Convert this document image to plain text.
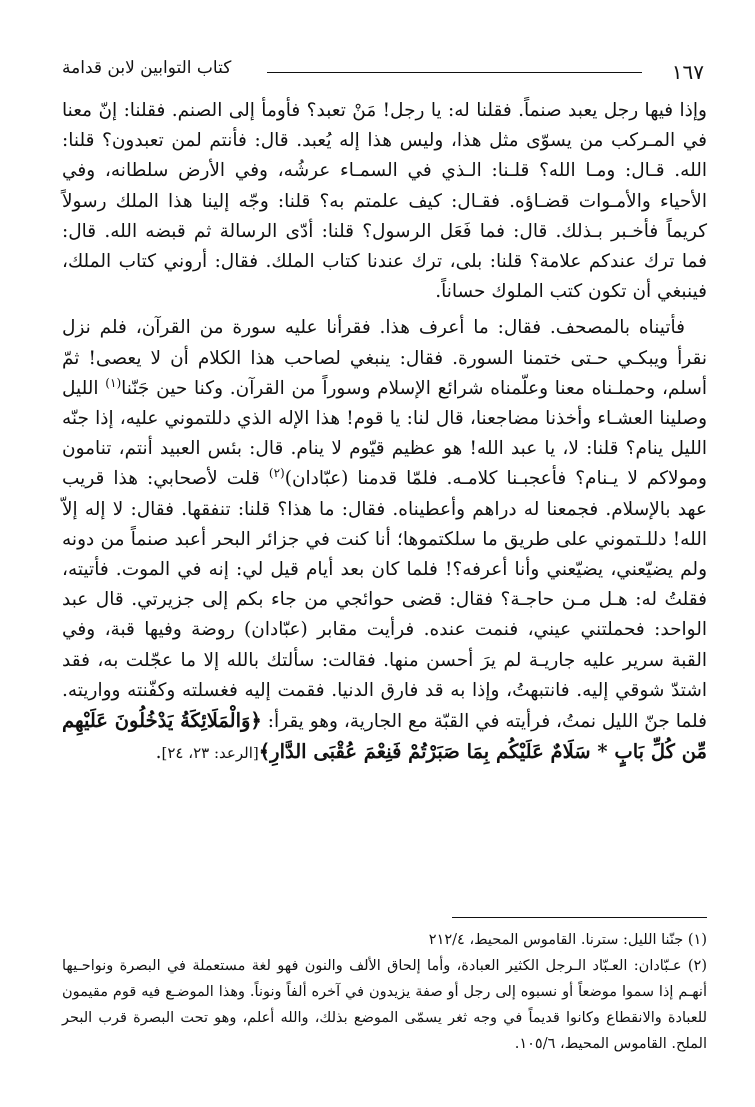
١٦٧
كتاب التوابين لابن قدامة

وإذا فيها رجل يعبد صنماً. فقلنا له: يا رجل! مَنْ تعبد؟ فأومأ إلى الصنم. فقلنا: إنّ معنا في المـركب من يسوّى مثل هذا، وليس هذا إله يُعبد. قال: فأنتم لمن تعبدون؟ قلنا: الله. قـال: ومـا الله؟ قلـنا: الـذي في السمـاء عرشُه، وفي الأرض سلطانه، وفي الأحياء والأمـوات قضـاؤه. فقـال: كيف علمتم به؟ قلنا: وجّه إلينا هذا الملك رسولاً كريماً فأخـبر بـذلك. قال: فما فَعَل الرسول؟ قلنا: أدّى الرسالة ثم قبضه الله. قال: فما ترك عندكم علامة؟ قلنا: بلى، ترك عندنا كتاب الملك. فقال: أروني كتاب الملك، فينبغي أن تكون كتب الملوك حساناً.

فأتيناه بالمصحف. فقال: ما أعرف هذا. فقرأنا عليه سورة من القرآن، فلم نزل نقرأ ويبكـي حـتى ختمنا السورة. فقال: ينبغي لصاحب هذا الكلام أن لا يعصى! ثمّ أسلم، وحملـناه معنا وعلّمناه شرائع الإسلام وسوراً من القرآن. وكنا حين جَنّنا$^{(١)}$ الليل وصلينا العشـاء وأخذنا مضاجعنا، قال لنا: يا قوم! هذا الإله الذي دللتموني عليه، إذا جنّه الليل ينام؟ قلنا: لا، يا عبد الله! هو عظيم قيّوم لا ينام. قال: بئس العبيد أنتم، تنامون ومولاكم لا يـنام؟ فأعجبـنا كلامـه. فلمّا قدمنا (عبّادان)$^{(٢)}$ قلت لأصحابي: هذا قريب عهد بالإسلام. فجمعنا له دراهم وأعطيناه. فقال: ما هذا؟ قلنا: تنفقها. فقال: لا إله إلاّ الله! دللـتموني على طريق ما سلكتموها؛ أنا كنت في جزائر البحر أعبد صنماً من دونه ولم يضيّعني، يضيّعني وأنا أعرفه؟! فلما كان بعد أيام قيل لي: إنه في الموت. فأتيته، فقلتُ له: هـل مـن حاجـة؟ فقال: قضى حوائجي من جاء بكم إلى جزيرتي. قال عبد الواحد: فحملتني عيني، فنمت عنده. فرأيت مقابر (عبّادان) روضة وفيها قبة، وفي القبة سرير عليه جاريـة لم يرَ أحسن منها. فقالت: سألتك بالله إلا ما عجّلت به، فقد اشتدّ شوقي إليه. فانتبهتُ، وإذا به قد فارق الدنيا. فقمت إليه فغسلته وكفّنته وواريته. فلما جنّ الليل نمتُ، فرأيته في القبّة مع الجارية، وهو يقرأ: ﴿وَالْمَلَائِكَةُ يَدْخُلُونَ عَلَيْهِم مِّن كُلِّ بَابٍ * سَلَامٌ عَلَيْكُم بِمَا صَبَرْتُمْ فَنِعْمَ عُقْبَى الدَّارِ﴾[الرعد: ٢٣، ٢٤].

(١) جنّنا الليل: سترنا. القاموس المحيط، ٢١٢/٤

(٢) عـبّادان: العـبّاد الـرجل الكثير العبادة، وأما إلحاق الألف والنون فهو لغة مستعملة في البصرة ونواحـيها أنهـم إذا سموا موضعاً أو نسبوه إلى رجل أو صفة يزيدون في آخره ألفاً ونوناً. وهذا الموضـع فيه قوم مقيمون للعبادة والانقطاع وكانوا قديماً في وجه ثغر يسمّى الموضع بذلك، والله أعلم، وهو تحت البصرة قرب البحر الملح. القاموس المحيط، ١٠٥/٦.
